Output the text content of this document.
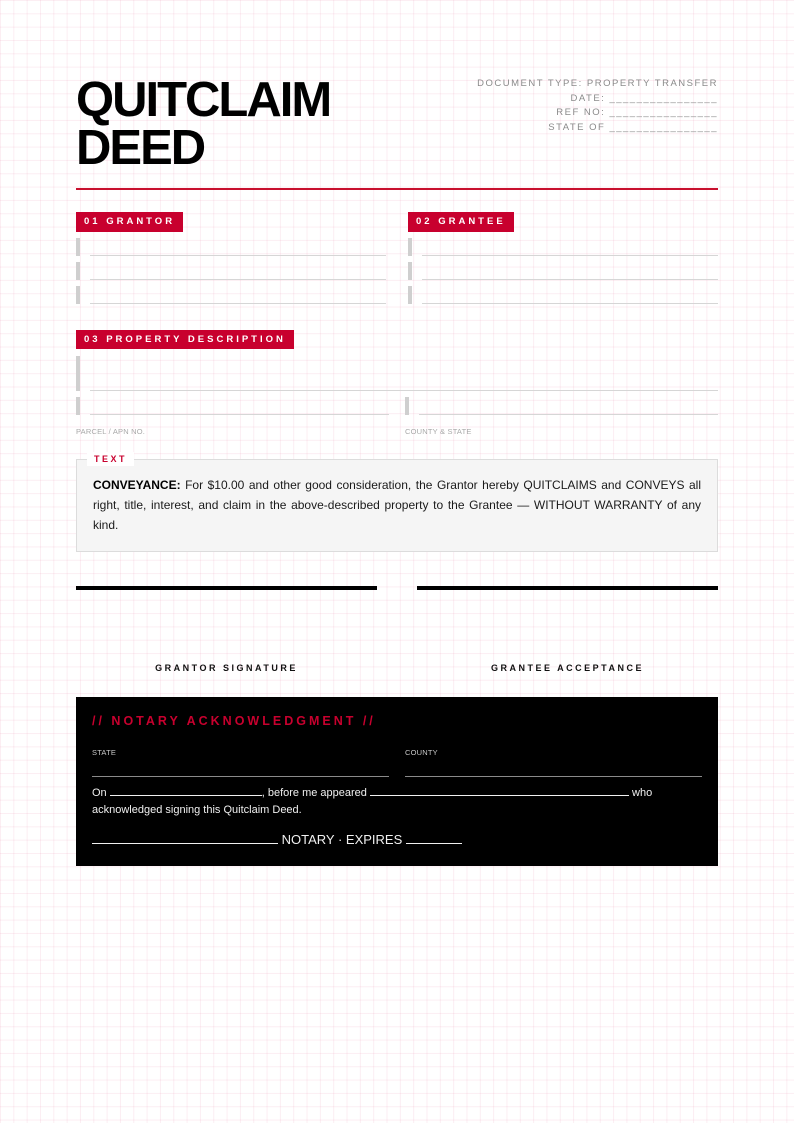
QUITCLAIM
DEED
DOCUMENT TYPE: PROPERTY TRANSFER
DATE: ________________
REF NO: ________________
STATE OF ________________
01 GRANTOR	02 GRANTEE
03 PROPERTY DESCRIPTION
PARCEL / APN NO.	COUNTY & STATE
TEXT

CONVEYANCE: For $10.00 and other good consideration, the Grantor hereby QUITCLAIMS and CONVEYS all right, title, interest, and claim in the above-described property to the Grantee — WITHOUT WARRANTY of any kind.

GRANTOR SIGNATURE	GRANTEE ACCEPTANCE
// NOTARY ACKNOWLEDGMENT //
STATE	COUNTY
On	, before me appeared	who
acknowledged signing this Quitclaim Deed.
NOTARY · EXPIRES
